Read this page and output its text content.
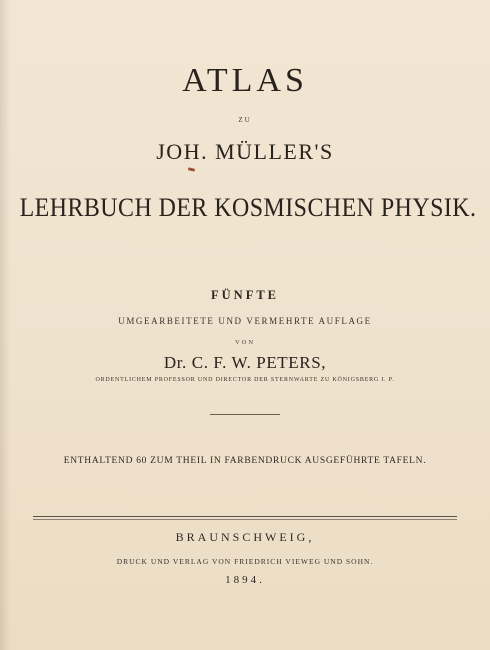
ATLAS
ZU
JOH. MÜLLER'S
LEHRBUCH DER KOSMISCHEN PHYSIK.
FÜNFTE
UMGEARBEITETE UND VERMEHRTE AUFLAGE
VON
Dr. C. F. W. PETERS,
ORDENTLICHEM PROFESSOR UND DIRECTOR DER STERNWARTE ZU KÖNIGSBERG I. P.
ENTHALTEND 60 ZUM THEIL IN FARBENDRUCK AUSGEFÜHRTE TAFELN.
BRAUNSCHWEIG,
DRUCK UND VERLAG VON FRIEDRICH VIEWEG UND SOHN.
1894.
